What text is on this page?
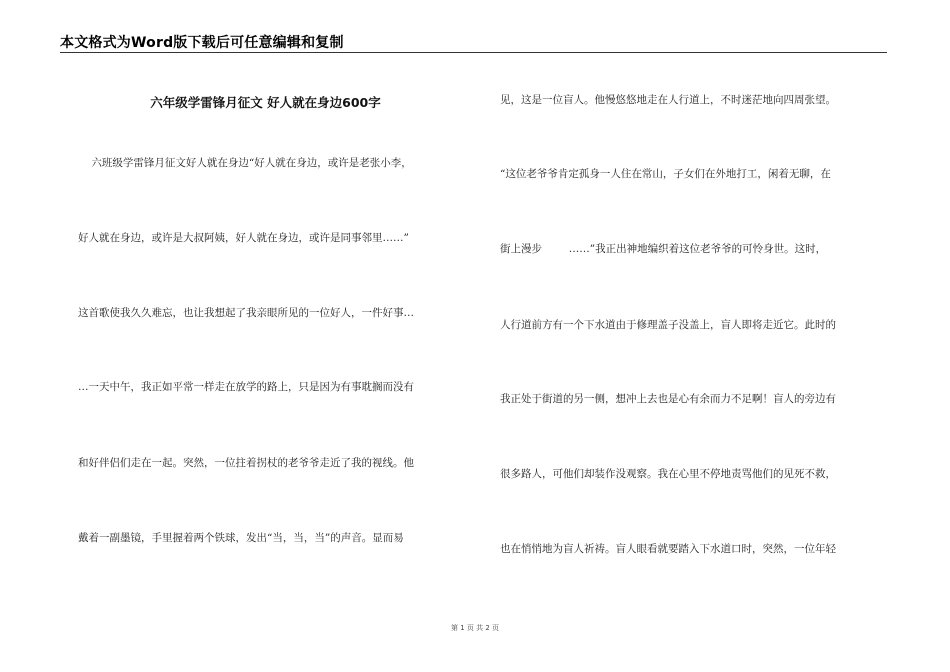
本文格式为Word版下载后可任意编辑和复制
六年级学雷锋月征文 好人就在身边600字
六班级学雷锋月征文好人就在身边“好人就在身边，或许是老张小李，
好人就在身边，或许是大叔阿姨，好人就在身边，或许是同事邻里……”
这首歌使我久久难忘，也让我想起了我亲眼所见的一位好人，一件好事…
…一天中午，我正如平常一样走在放学的路上，只是因为有事耽搁而没有
和好伴侣们走在一起。突然，一位拄着拐杖的老爷爷走近了我的视线。他
戴着一副墨镜，手里握着两个铁球，发出“当，当，当”的声音。显而易
见，这是一位盲人。他慢悠悠地走在人行道上，不时迷茫地向四周张望。
“这位老爷爷肯定孤身一人住在常山，子女们在外地打工，闲着无聊，在
街上漫步        ……”我正出神地编织着这位老爷爷的可怜身世。这时，
人行道前方有一个下水道由于修理盖子没盖上，盲人即将走近它。此时的
我正处于街道的另一侧，想冲上去也是心有余而力不足啊！盲人的旁边有
很多路人，可他们却装作没观察。我在心里不停地责骂他们的见死不救，
也在悄悄地为盲人祈祷。盲人眼看就要踏入下水道口时，突然，一位年轻
第 1 页 共 2 页
